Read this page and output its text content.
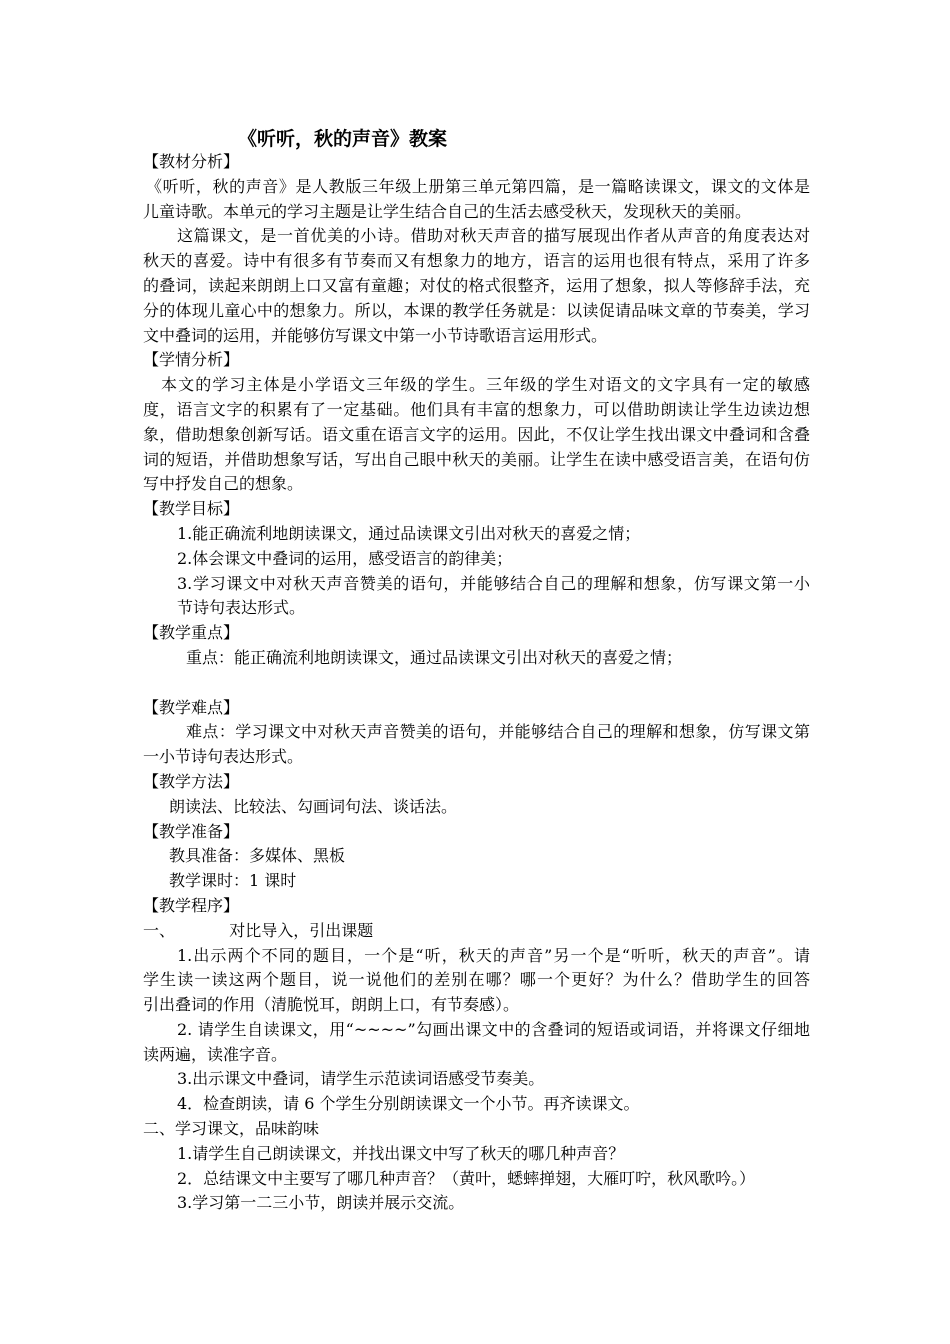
《听听，秋的声音》教案
【教材分析】
《听听，秋的声音》是人教版三年级上册第三单元第四篇，是一篇略读课文，课文的文体是
儿童诗歌。本单元的学习主题是让学生结合自己的生活去感受秋天，发现秋天的美丽。
这篇课文，是一首优美的小诗。借助对秋天声音的描写展现出作者从声音的角度表达对
秋天的喜爱。诗中有很多有节奏而又有想象力的地方，语言的运用也很有特点，采用了许多
的叠词，读起来朗朗上口又富有童趣；对仗的格式很整齐，运用了想象，拟人等修辞手法，充
分的体现儿童心中的想象力。所以，本课的教学任务就是：以读促请品味文章的节奏美，学习
文中叠词的运用，并能够仿写课文中第一小节诗歌语言运用形式。
【学情分析】
本文的学习主体是小学语文三年级的学生。三年级的学生对语文的文字具有一定的敏感
度，语言文字的积累有了一定基础。他们具有丰富的想象力，可以借助朗读让学生边读边想
象，借助想象创新写话。语文重在语言文字的运用。因此，不仅让学生找出课文中叠词和含叠
词的短语，并借助想象写话，写出自己眼中秋天的美丽。让学生在读中感受语言美，在语句仿
写中抒发自己的想象。
【教学目标】
1.能正确流利地朗读课文，通过品读课文引出对秋天的喜爱之情；
2.体会课文中叠词的运用，感受语言的韵律美；
3.学习课文中对秋天声音赞美的语句，并能够结合自己的理解和想象，仿写课文第一小
节诗句表达形式。
【教学重点】
重点：能正确流利地朗读课文，通过品读课文引出对秋天的喜爱之情；
【教学难点】
难点：学习课文中对秋天声音赞美的语句，并能够结合自己的理解和想象，仿写课文第
一小节诗句表达形式。
【教学方法】
朗读法、比较法、勾画词句法、谈话法。
【教学准备】
教具准备：多媒体、黑板
教学课时：1 课时
【教学程序】
一、	对比导入，引出课题
1.出示两个不同的题目，一个是“听，秋天的声音”另一个是“听听，秋天的声音”。请
学生读一读这两个题目，说一说他们的差别在哪？哪一个更好？为什么？借助学生的回答
引出叠词的作用（清脆悦耳，朗朗上口，有节奏感）。
2. 请学生自读课文，用“~~~~”勾画出课文中的含叠词的短语或词语，并将课文仔细地
读两遍，读准字音。
3.出示课文中叠词，请学生示范读词语感受节奏美。
4．检查朗读，请 6 个学生分别朗读课文一个小节。再齐读课文。
二、学习课文，品味韵味
1.请学生自己朗读课文，并找出课文中写了秋天的哪几种声音？
2．总结课文中主要写了哪几种声音？（黄叶，蟋蟀掸翅，大雁叮咛，秋风歌吟。）
3.学习第一二三小节，朗读并展示交流。
